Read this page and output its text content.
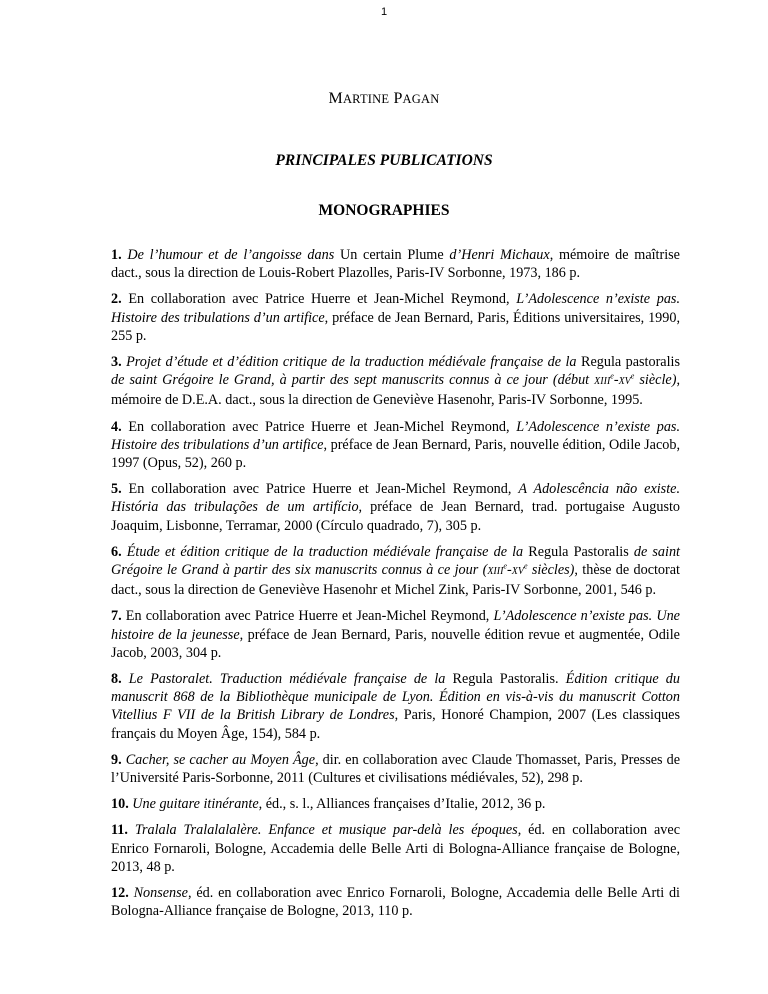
1
MARTINE PAGAN
PRINCIPALES PUBLICATIONS
MONOGRAPHIES

1. De l’humour et de l’angoisse dans Un certain Plume d’Henri Michaux, mémoire de maîtrise dact., sous la direction de Louis-Robert Plazolles, Paris-IV Sorbonne, 1973, 186 p.

2. En collaboration avec Patrice Huerre et Jean-Michel Reymond, L’Adolescence n’existe pas. Histoire des tribulations d’un artifice, préface de Jean Bernard, Paris, Éditions universitaires, 1990, 255 p.

3. Projet d’étude et d’édition critique de la traduction médiévale française de la Regula pastoralis de saint Grégoire le Grand, à partir des sept manuscrits connus à ce jour (début XIIIe-XVe siècle), mémoire de D.E.A. dact., sous la direction de Geneviève Hasenohr, Paris-IV Sorbonne, 1995.

4. En collaboration avec Patrice Huerre et Jean-Michel Reymond, L’Adolescence n’existe pas. Histoire des tribulations d’un artifice, préface de Jean Bernard, Paris, nouvelle édition, Odile Jacob, 1997 (Opus, 52), 260 p.

5. En collaboration avec Patrice Huerre et Jean-Michel Reymond, A Adolescência não existe. História das tribulações de um artifício, préface de Jean Bernard, trad. portugaise Augusto Joaquim, Lisbonne, Terramar, 2000 (Círculo quadrado, 7), 305 p.

6. Étude et édition critique de la traduction médiévale française de la Regula Pastoralis de saint Grégoire le Grand à partir des six manuscrits connus à ce jour (XIIIe-XVe siècles), thèse de doctorat dact., sous la direction de Geneviève Hasenohr et Michel Zink, Paris-IV Sorbonne, 2001, 546 p.

7. En collaboration avec Patrice Huerre et Jean-Michel Reymond, L’Adolescence n’existe pas. Une histoire de la jeunesse, préface de Jean Bernard, Paris, nouvelle édition revue et augmentée, Odile Jacob, 2003, 304 p.

8. Le Pastoralet. Traduction médiévale française de la Regula Pastoralis. Édition critique du manuscrit 868 de la Bibliothèque municipale de Lyon. Édition en vis-à-vis du manuscrit Cotton Vitellius F VII de la British Library de Londres, Paris, Honoré Champion, 2007 (Les classiques français du Moyen Âge, 154), 584 p.

9. Cacher, se cacher au Moyen Âge, dir. en collaboration avec Claude Thomasset, Paris, Presses de l’Université Paris-Sorbonne, 2011 (Cultures et civilisations médiévales, 52), 298 p.

10. Une guitare itinérante, éd., s. l., Alliances françaises d’Italie, 2012, 36 p.

11. Tralala Tralalalalère. Enfance et musique par-delà les époques, éd. en collaboration avec Enrico Fornaroli, Bologne, Accademia delle Belle Arti di Bologna-Alliance française de Bologne, 2013, 48 p.

12. Nonsense, éd. en collaboration avec Enrico Fornaroli, Bologne, Accademia delle Belle Arti di Bologna-Alliance française de Bologne, 2013, 110 p.
